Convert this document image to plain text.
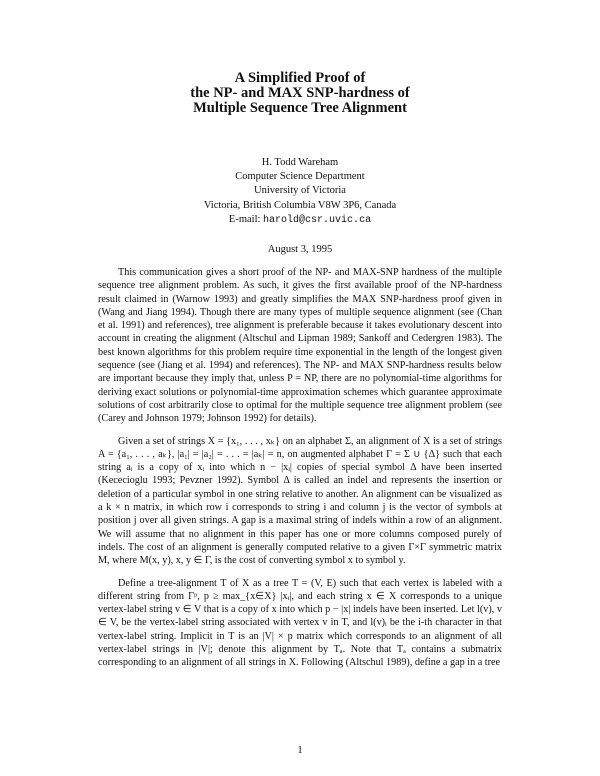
A Simplified Proof of
the NP- and MAX SNP-hardness of
Multiple Sequence Tree Alignment
H. Todd Wareham
Computer Science Department
University of Victoria
Victoria, British Columbia V8W 3P6, Canada
E-mail: harold@csr.uvic.ca
August 3, 1995

This communication gives a short proof of the NP- and MAX-SNP hardness of the multiple sequence tree alignment problem. As such, it gives the first available proof of the NP-hardness result claimed in (Warnow 1993) and greatly simplifies the MAX SNP-hardness proof given in (Wang and Jiang 1994). Though there are many types of multiple sequence alignment (see (Chan et al. 1991) and references), tree alignment is preferable because it takes evolutionary descent into account in creating the alignment (Altschul and Lipman 1989; Sankoff and Cedergren 1983). The best known algorithms for this problem require time exponential in the length of the longest given sequence (see (Jiang et al. 1994) and references). The NP- and MAX SNP-hardness results below are important because they imply that, unless P = NP, there are no polynomial-time algorithms for deriving exact solutions or polynomial-time approximation schemes which guarantee approximate solutions of cost arbitrarily close to optimal for the multiple sequence tree alignment problem (see (Carey and Johnson 1979; Johnson 1992) for details).

Given a set of strings X = {x₁, . . . , xₖ} on an alphabet Σ, an alignment of X is a set of strings A = {a₁, . . . , aₖ}, |a₁| = |a₂| = . . . = |aₖ| = n, on augmented alphabet Γ = Σ ∪ {Δ} such that each string aᵢ is a copy of xᵢ into which n − |xᵢ| copies of special symbol Δ have been inserted (Kececioglu 1993; Pevzner 1992). Symbol Δ is called an indel and represents the insertion or deletion of a particular symbol in one string relative to another. An alignment can be visualized as a k × n matrix, in which row i corresponds to string i and column j is the vector of symbols at position j over all given strings. A gap is a maximal string of indels within a row of an alignment. We will assume that no alignment in this paper has one or more columns composed purely of indels. The cost of an alignment is generally computed relative to a given Γ×Γ symmetric matrix M, where M(x, y), x, y ∈ Γ, is the cost of converting symbol x to symbol y.

Define a tree-alignment T of X as a tree T = (V, E) such that each vertex is labeled with a different string from Γᵖ, p ≥ max_{x∈X} |xᵢ|, and each string x ∈ X corresponds to a unique vertex-label string v ∈ V that is a copy of x into which p − |x| indels have been inserted. Let l(v), v ∈ V, be the vertex-label string associated with vertex v in T, and l(v)ᵢ be the i-th character in that vertex-label string. Implicit in T is an |V| × p matrix which corresponds to an alignment of all vertex-label strings in |V|; denote this alignment by Tₐ. Note that Tₐ contains a submatrix corresponding to an alignment of all strings in X. Following (Altschul 1989), define a gap in a tree

1
